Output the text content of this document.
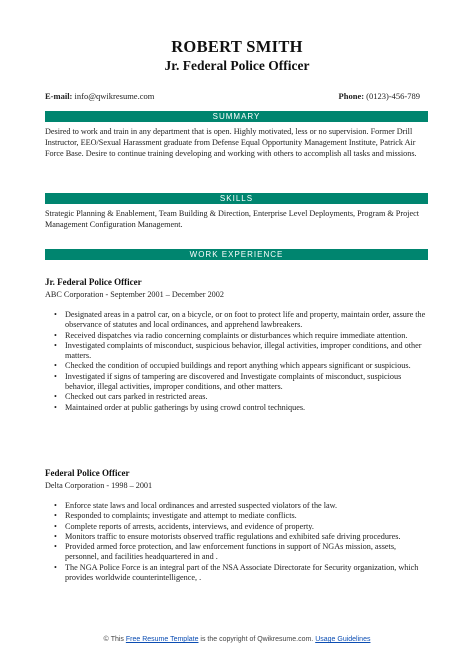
ROBERT SMITH
Jr. Federal Police Officer
E-mail: info@qwikresume.com	Phone: (0123)-456-789
SUMMARY
Desired to work and train in any department that is open. Highly motivated, less or no supervision. Former Drill Instructor, EEO/Sexual Harassment graduate from Defense Equal Opportunity Management Institute, Patrick Air Force Base. Desire to continue training developing and working with others to accomplish all tasks and missions.
SKILLS
Strategic Planning & Enablement, Team Building & Direction, Enterprise Level Deployments, Program & Project Management Configuration Management.
WORK EXPERIENCE
Jr. Federal Police Officer
ABC Corporation - September 2001 – December 2002
• Designated areas in a patrol car, on a bicycle, or on foot to protect life and property, maintain order, assure the observance of statutes and local ordinances, and apprehend lawbreakers.
• Received dispatches via radio concerning complaints or disturbances which require immediate attention.
• Investigated complaints of misconduct, suspicious behavior, illegal activities, improper conditions, and other matters.
• Checked the condition of occupied buildings and report anything which appears significant or suspicious.
• Investigated if signs of tampering are discovered and Investigate complaints of misconduct, suspicious behavior, illegal activities, improper conditions, and other matters.
• Checked out cars parked in restricted areas.
• Maintained order at public gatherings by using crowd control techniques.
Federal Police Officer
Delta Corporation - 1998 – 2001
• Enforce state laws and local ordinances and arrested suspected violators of the law.
• Responded to complaints; investigate and attempt to mediate conflicts.
• Complete reports of arrests, accidents, interviews, and evidence of property.
• Monitors traffic to ensure motorists observed traffic regulations and exhibited safe driving procedures.
• Provided armed force protection, and law enforcement functions in support of NGAs mission, assets, personnel, and facilities headquartered in and .
• The NGA Police Force is an integral part of the NSA Associate Directorate for Security organization, which provides worldwide counterintelligence, .
© This Free Resume Template is the copyright of Qwikresume.com. Usage Guidelines
